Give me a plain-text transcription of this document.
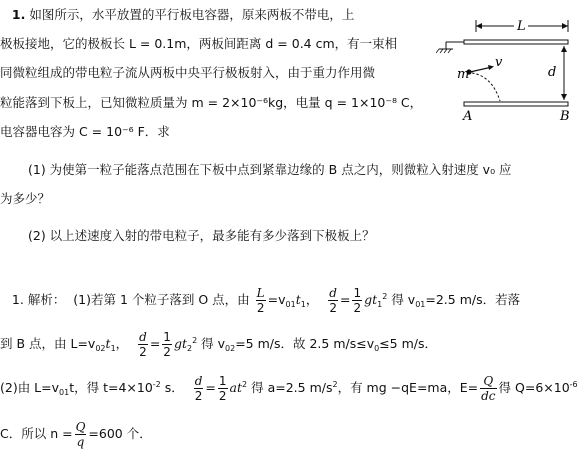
L
d
m
v
A	B
1. 如图所示，水平放置的平行板电容器，原来两板不带电，上
极板接地，它的极板长 L = 0.1m，两板间距离 d = 0.4 cm，有一束相
同微粒组成的带电粒子流从两板中央平行极板射入，由于重力作用微
粒能落到下板上，已知微粒质量为 m = 2×10⁻⁶kg，电量 q = 1×10⁻⁸ C，
电容器电容为 C = 10⁻⁶ F．求
(1) 为使第一粒子能落点范围在下板中点到紧靠边缘的 B 点之内，则微粒入射速度 v₀ 应
为多少？
(2) 以上述速度入射的带电粒子，最多能有多少落到下极板上？
1. 解析： (1)若第 1 个粒子落到 O 点，由 $\frac{L}{2} =v_{01}t_1$， $\frac{d}{2} = \frac{1}{2} gt_1^2$ 得 $v_{01}=2.5$ m/s．若落
到 B 点，由 $L=v_{02}t_1$， $\frac{d}{2} = \frac{1}{2} gt_2^2$ 得 $v_{02}=5$ m/s．故 2.5 $m/s\le v_0\le 5$ m/s．
(2)由 $L=v_{01}t$，得 $t=4\times 10^{-2}$ s． $\frac{d}{2} = \frac{1}{2} at^2$ 得 a=2.5 $m/s^2$，有 mg −qE=ma，$E= \frac{Q}{dc}$ 得 $Q=6\times 10^{-6}$
C．所以 $n = \frac{Q}{q} =600$ 个．
